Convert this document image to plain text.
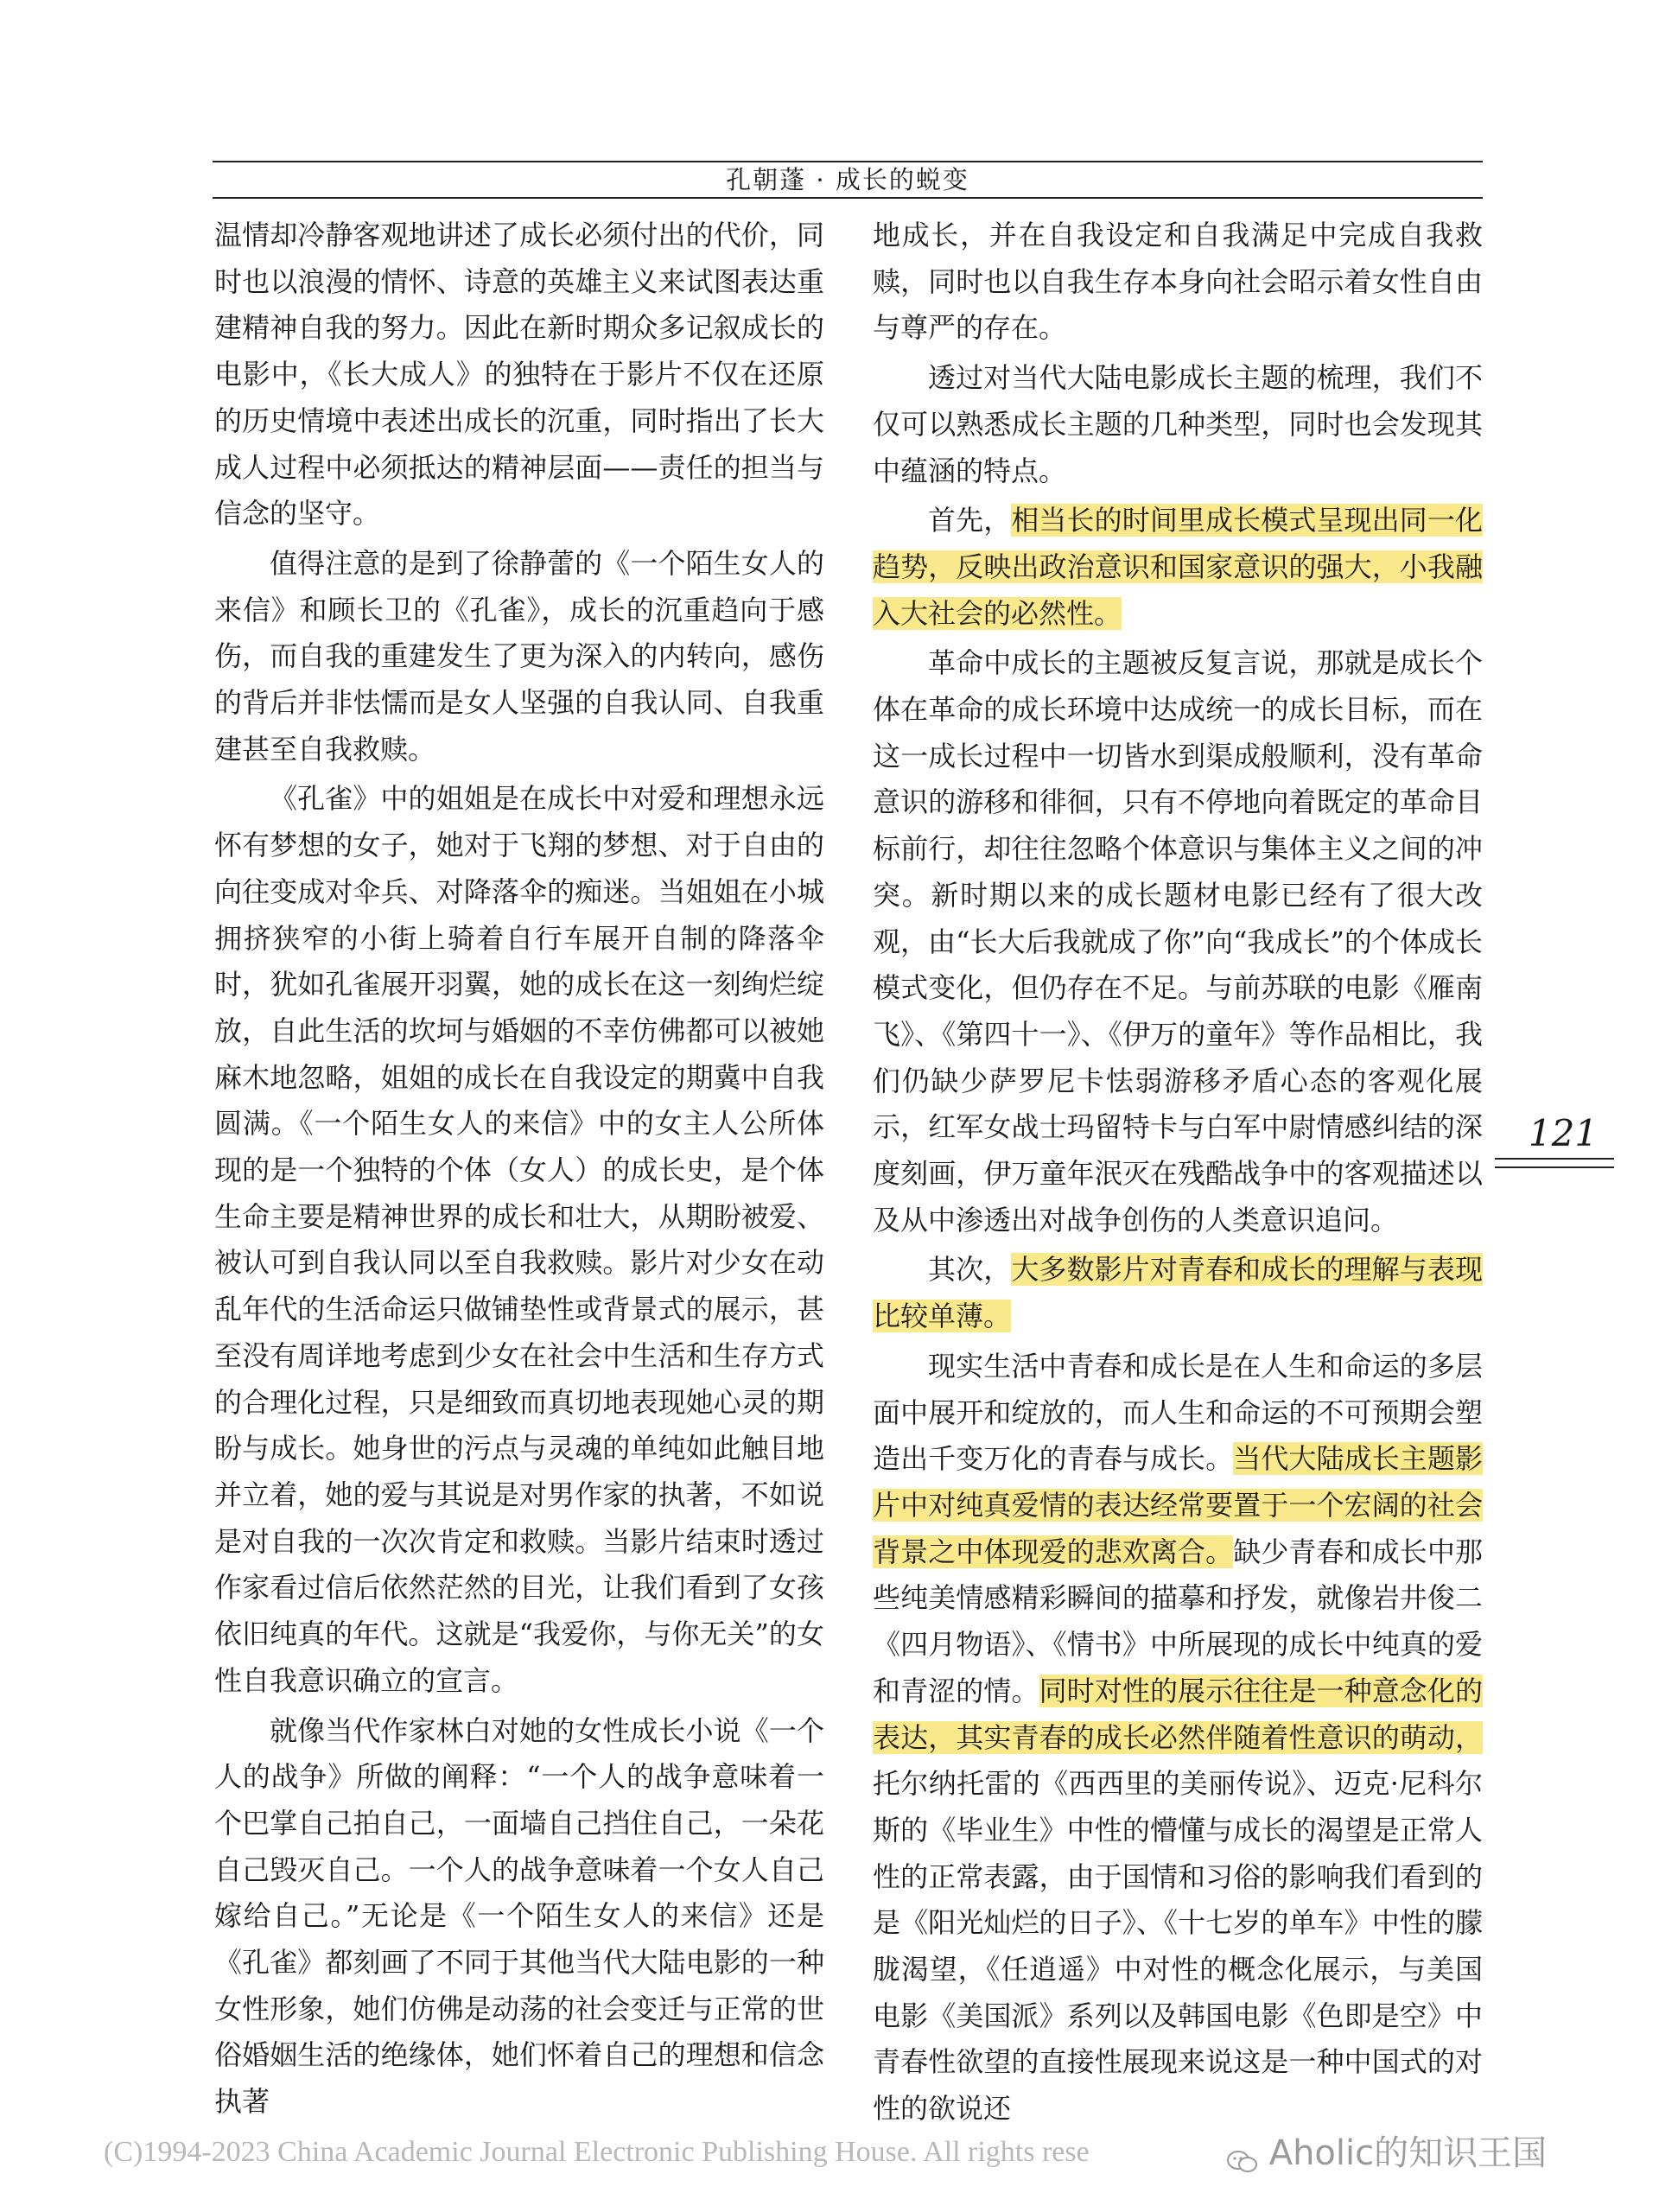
孔朝蓬 · 成长的蜕变

温情却冷静客观地讲述了成长必须付出的代价，同时也以浪漫的情怀、诗意的英雄主义来试图表达重建精神自我的努力。因此在新时期众多记叙成长的电影中，《长大成人》的独特在于影片不仅在还原的历史情境中表述出成长的沉重，同时指出了长大成人过程中必须抵达的精神层面——责任的担当与信念的坚守。

值得注意的是到了徐静蕾的《一个陌生女人的来信》和顾长卫的《孔雀》，成长的沉重趋向于感伤，而自我的重建发生了更为深入的内转向，感伤的背后并非怯懦而是女人坚强的自我认同、自我重建甚至自我救赎。

《孔雀》中的姐姐是在成长中对爱和理想永远怀有梦想的女子，她对于飞翔的梦想、对于自由的向往变成对伞兵、对降落伞的痴迷。当姐姐在小城拥挤狭窄的小街上骑着自行车展开自制的降落伞时，犹如孔雀展开羽翼，她的成长在这一刻绚烂绽放，自此生活的坎坷与婚姻的不幸仿佛都可以被她麻木地忽略，姐姐的成长在自我设定的期冀中自我圆满。《一个陌生女人的来信》中的女主人公所体现的是一个独特的个体（女人）的成长史，是个体生命主要是精神世界的成长和壮大，从期盼被爱、被认可到自我认同以至自我救赎。影片对少女在动乱年代的生活命运只做铺垫性或背景式的展示，甚至没有周详地考虑到少女在社会中生活和生存方式的合理化过程，只是细致而真切地表现她心灵的期盼与成长。她身世的污点与灵魂的单纯如此触目地并立着，她的爱与其说是对男作家的执著，不如说是对自我的一次次肯定和救赎。当影片结束时透过作家看过信后依然茫然的目光，让我们看到了女孩依旧纯真的年代。这就是“我爱你，与你无关”的女性自我意识确立的宣言。

就像当代作家林白对她的女性成长小说《一个人的战争》所做的阐释：“一个人的战争意味着一个巴掌自己拍自己，一面墙自己挡住自己，一朵花自己毁灭自己。一个人的战争意味着一个女人自己嫁给自己。”无论是《一个陌生女人的来信》还是《孔雀》都刻画了不同于其他当代大陆电影的一种女性形象，她们仿佛是动荡的社会变迁与正常的世俗婚姻生活的绝缘体，她们怀着自己的理想和信念执著

地成长，并在自我设定和自我满足中完成自我救赎，同时也以自我生存本身向社会昭示着女性自由与尊严的存在。

透过对当代大陆电影成长主题的梳理，我们不仅可以熟悉成长主题的几种类型，同时也会发现其中蕴涵的特点。

首先，相当长的时间里成长模式呈现出同一化趋势，反映出政治意识和国家意识的强大，小我融入大社会的必然性。

革命中成长的主题被反复言说，那就是成长个体在革命的成长环境中达成统一的成长目标，而在这一成长过程中一切皆水到渠成般顺利，没有革命意识的游移和徘徊，只有不停地向着既定的革命目标前行，却往往忽略个体意识与集体主义之间的冲突。新时期以来的成长题材电影已经有了很大改观，由“长大后我就成了你”向“我成长”的个体成长模式变化，但仍存在不足。与前苏联的电影《雁南飞》、《第四十一》、《伊万的童年》等作品相比，我们仍缺少萨罗尼卡怯弱游移矛盾心态的客观化展示，红军女战士玛留特卡与白军中尉情感纠结的深度刻画，伊万童年泯灭在残酷战争中的客观描述以及从中渗透出对战争创伤的人类意识追问。

其次，大多数影片对青春和成长的理解与表现比较单薄。

现实生活中青春和成长是在人生和命运的多层面中展开和绽放的，而人生和命运的不可预期会塑造出千变万化的青春与成长。当代大陆成长主题影片中对纯真爱情的表达经常要置于一个宏阔的社会背景之中体现爱的悲欢离合。缺少青春和成长中那些纯美情感精彩瞬间的描摹和抒发，就像岩井俊二《四月物语》、《情书》中所展现的成长中纯真的爱和青涩的情。同时对性的展示往往是一种意念化的表达，其实青春的成长必然伴随着性意识的萌动，托尔纳托雷的《西西里的美丽传说》、迈克·尼科尔斯的《毕业生》中性的懵懂与成长的渴望是正常人性的正常表露，由于国情和习俗的影响我们看到的是《阳光灿烂的日子》、《十七岁的单车》中性的朦胧渴望，《任逍遥》中对性的概念化展示，与美国电影《美国派》系列以及韩国电影《色即是空》中青春性欲望的直接性展现来说这是一种中国式的对性的欲说还

121
(C)1994-2023 China Academic Journal Electronic Publishing House. All rights rese	Aholic的知识王国
